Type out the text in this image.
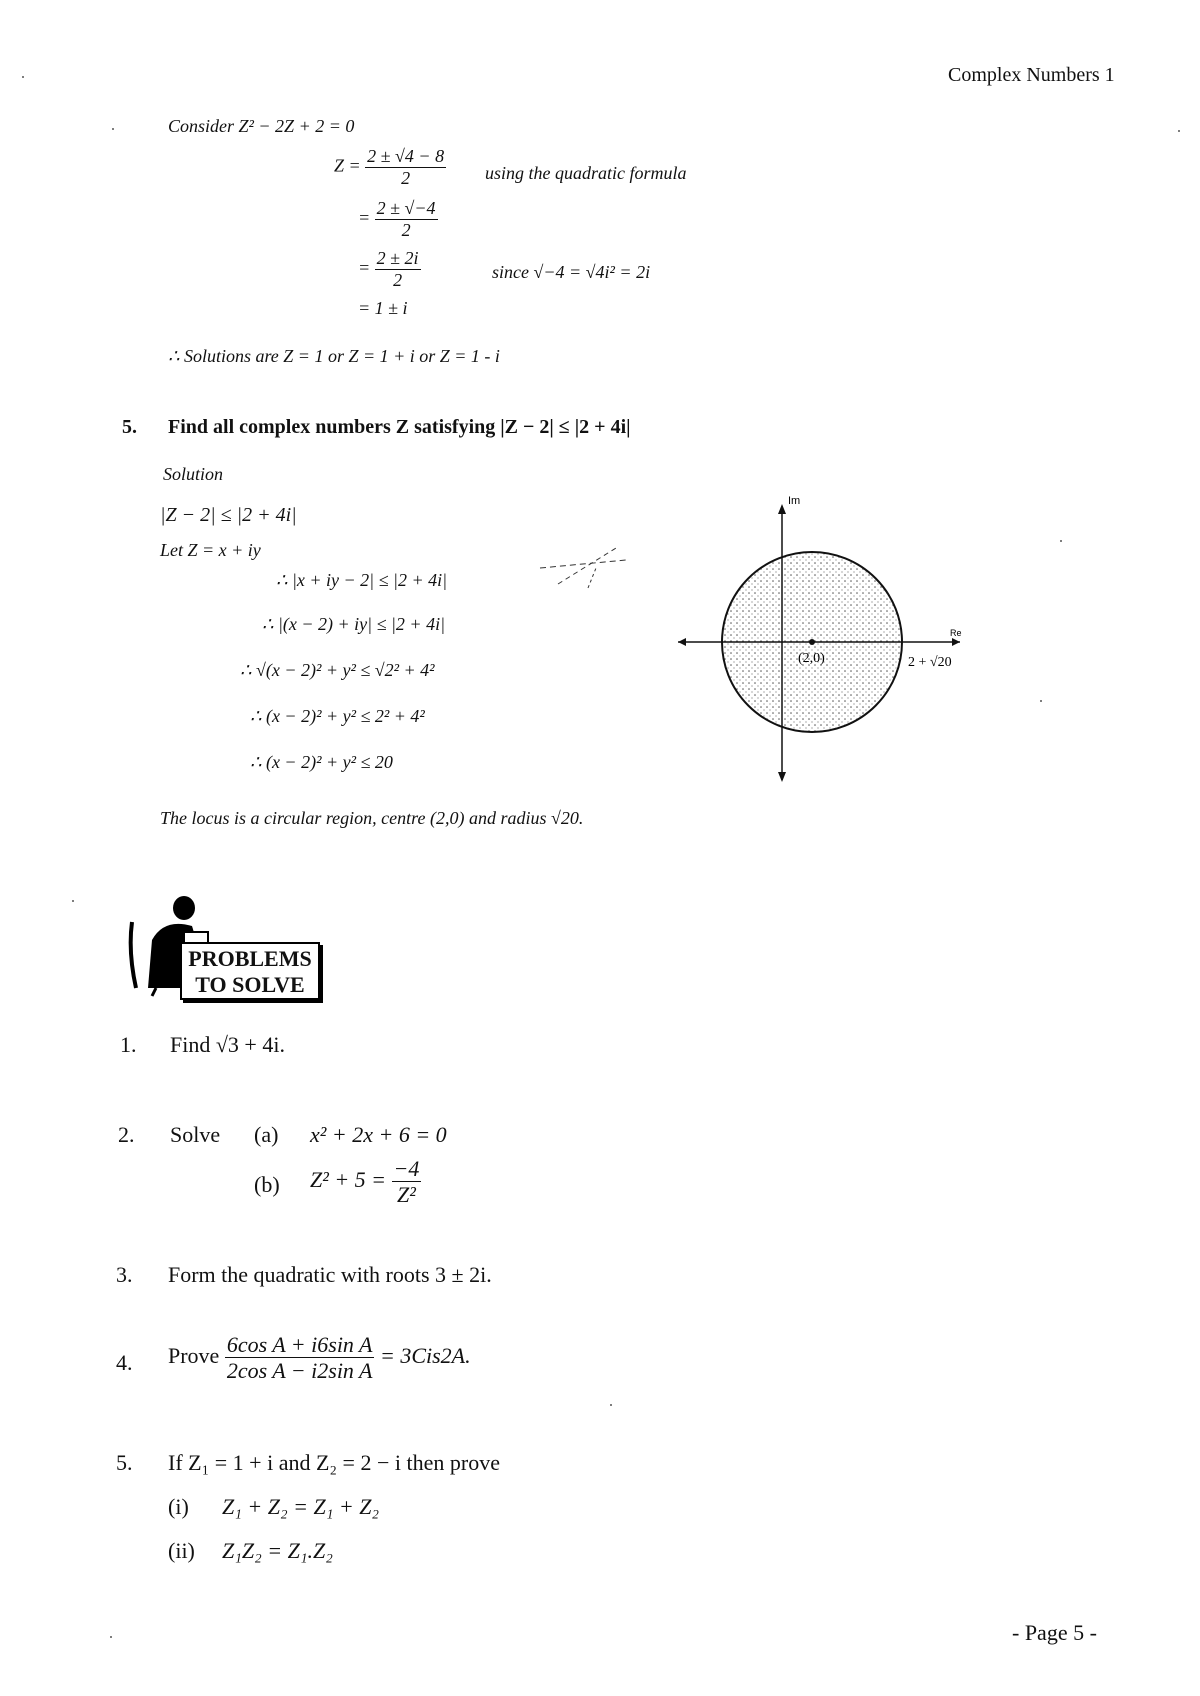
Complex Numbers 1
Consider Z² − 2Z + 2 = 0
$Z = \frac{2 \pm √4 - 8}{2}$ using the quadratic formula
= $\frac{2 \pm √-4}{2}$
= $\frac{2 \pm 2i}{2}$	since √−4 = √4i² = 2i
= 1 ± i
∴ Solutions are Z = 1 or Z = 1 + i or Z = 1 - i
5. Find all complex numbers Z satisfying |Z − 2| ≤ |2 + 4i|
Solution
|Z − 2| ≤ |2 + 4i|
Let Z = x + iy
∴ |x + iy − 2| ≤ |2 + 4i|
∴ |(x − 2) + iy| ≤ |2 + 4i|
∴ √(x − 2)² + y² ≤ √2² + 4²
∴ (x − 2)² + y² ≤ 2² + 4²
∴ (x − 2)² + y² ≤ 20
The locus is a circular region, centre (2,0) and radius √20.
Im
Re
(2,0)	2 + √20
PROBLEMS
TO SOLVE
1. Find √3 + 4i.
2. Solve (a) x² + 2x + 6 = 0
(b) $Z^2 + 5 = \frac{-4}{\text{Z²}}$
3. Form the quadratic with roots 3 ± 2i.
4. Prove $\frac{\text{6cos A + i6sin A}}{\text{2cos A − i2sin A}} = 3Cis2A$.
5. If Z₁ = 1 + i and Z₂ = 2 − i then prove
(i) Z₁ + Z₂ = Z₁ + Z₂
(ii) Z₁Z₂ = Z₁.Z₂
- Page 5 -
